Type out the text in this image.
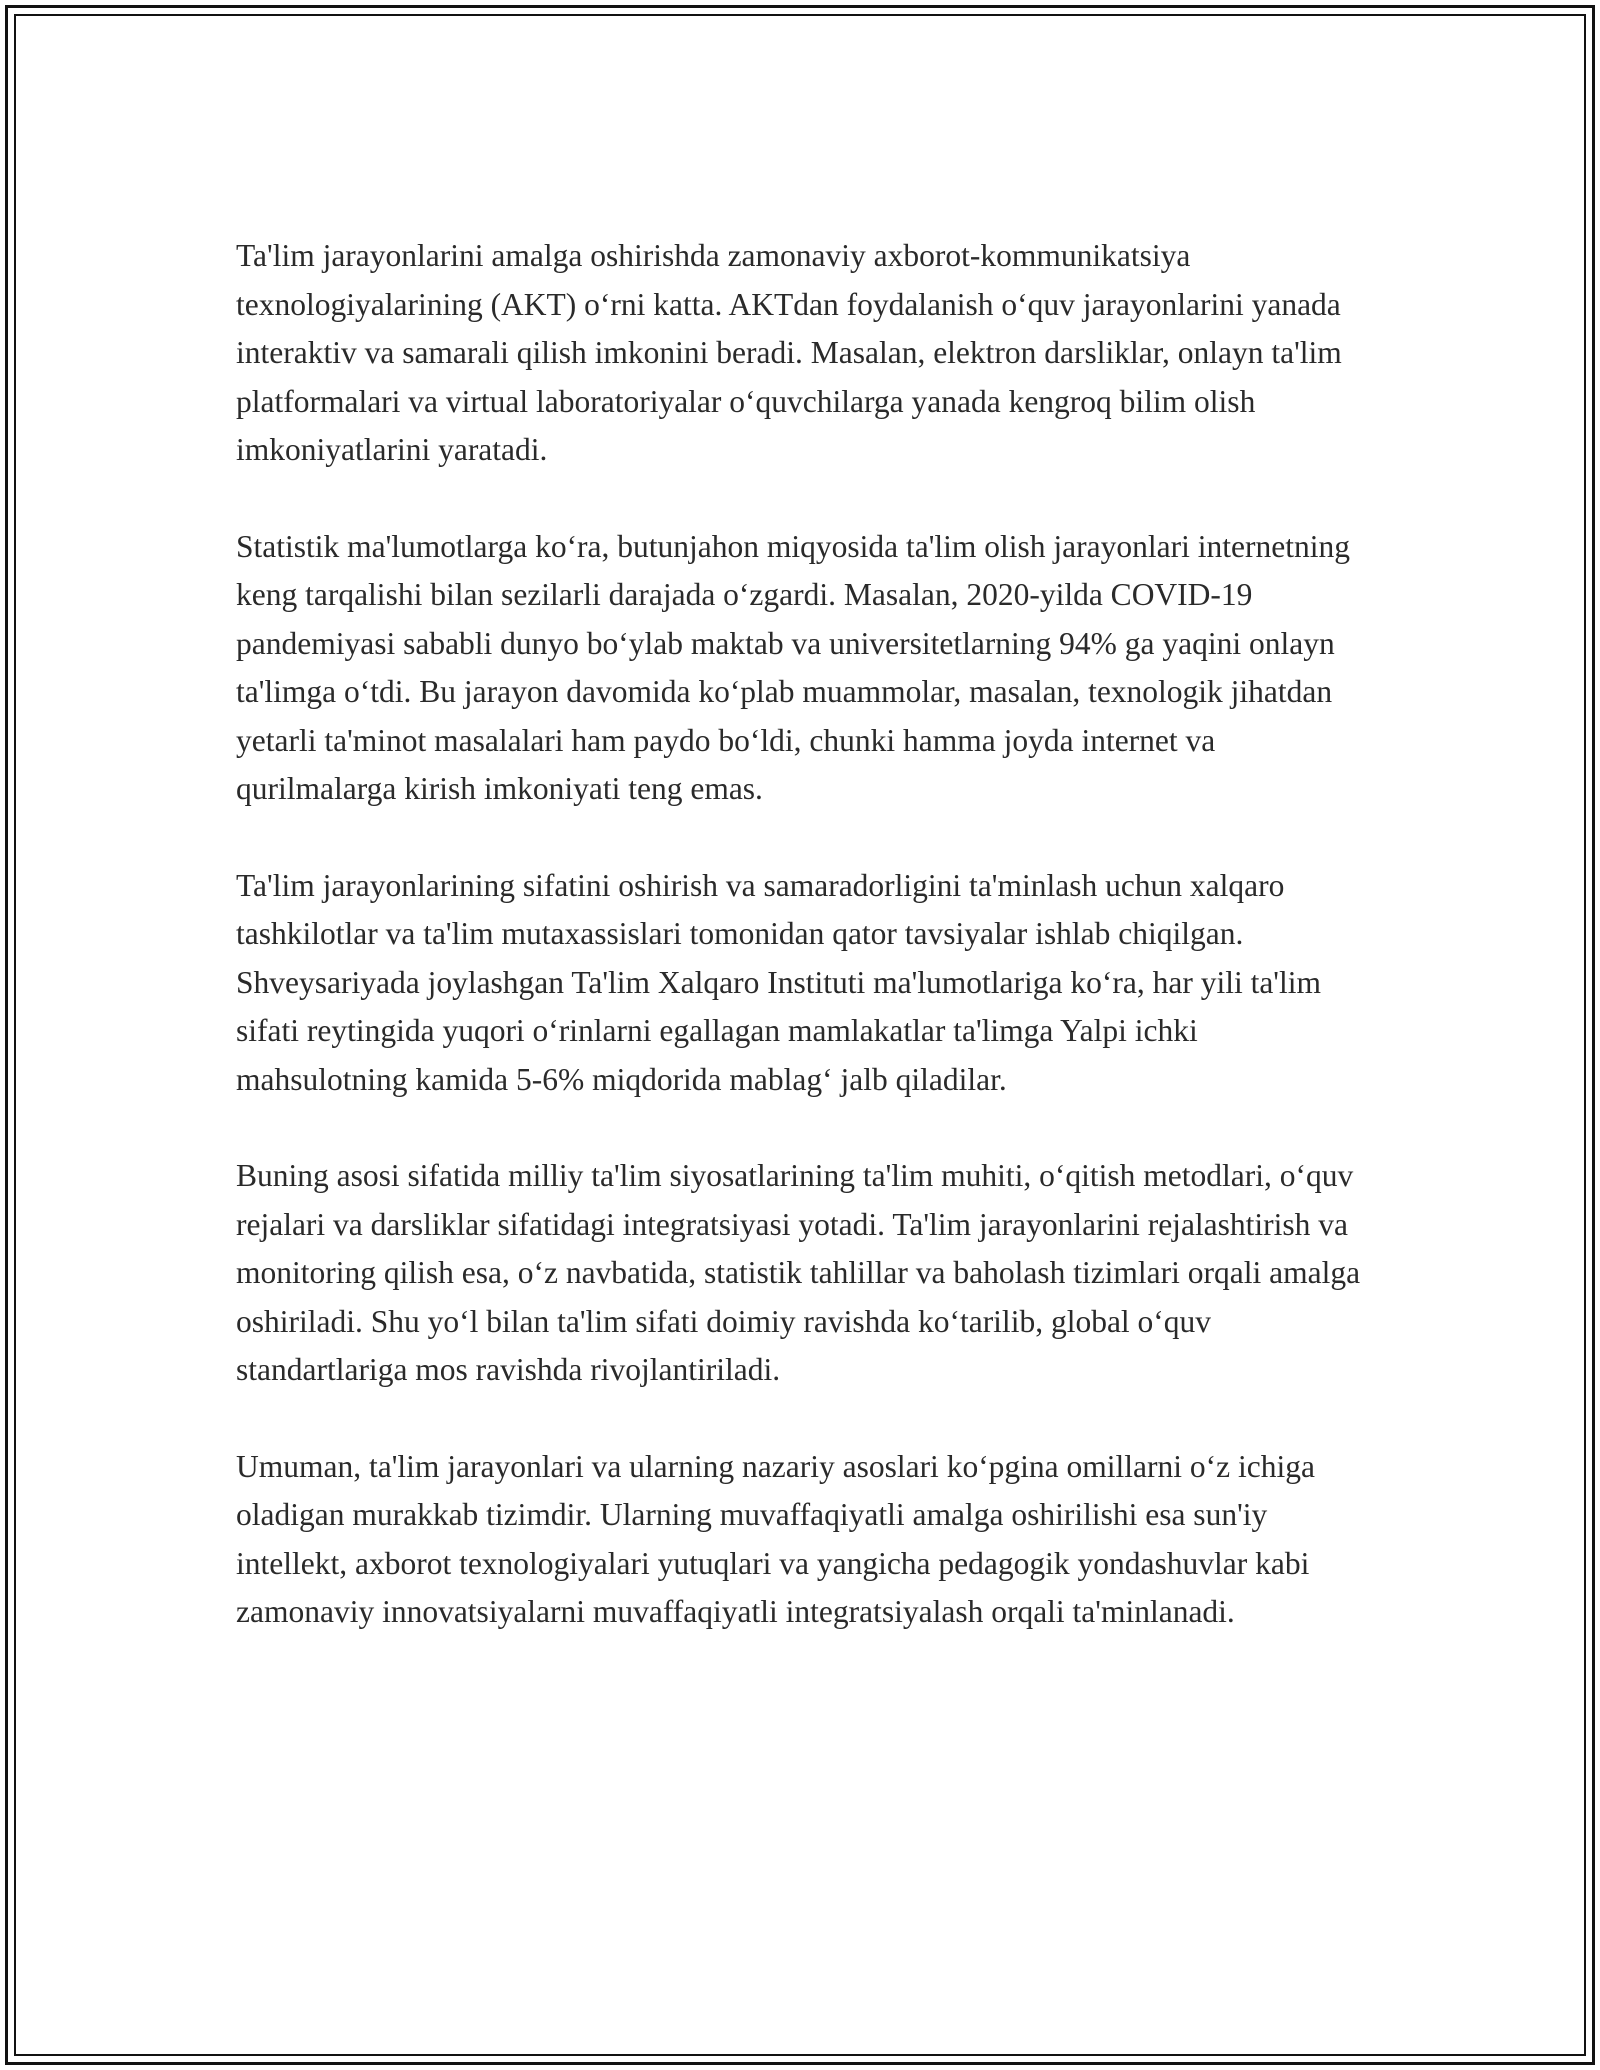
Ta'lim jarayonlarini amalga oshirishda zamonaviy axborot-kommunikatsiya texnologiyalarining (AKT) o‘rni katta. AKTdan foydalanish o‘quv jarayonlarini yanada interaktiv va samarali qilish imkonini beradi. Masalan, elektron darsliklar, onlayn ta'lim platformalari va virtual laboratoriyalar o‘quvchilarga yanada kengroq bilim olish imkoniyatlarini yaratadi.

Statistik ma'lumotlarga ko‘ra, butunjahon miqyosida ta'lim olish jarayonlari internetning keng tarqalishi bilan sezilarli darajada o‘zgardi. Masalan, 2020-yilda COVID-19 pandemiyasi sababli dunyo bo‘ylab maktab va universitetlarning 94% ga yaqini onlayn ta'limga o‘tdi. Bu jarayon davomida ko‘plab muammolar, masalan, texnologik jihatdan yetarli ta'minot masalalari ham paydo bo‘ldi, chunki hamma joyda internet va qurilmalarga kirish imkoniyati teng emas.

Ta'lim jarayonlarining sifatini oshirish va samaradorligini ta'minlash uchun xalqaro tashkilotlar va ta'lim mutaxassislari tomonidan qator tavsiyalar ishlab chiqilgan. Shveysariyada joylashgan Ta'lim Xalqaro Instituti ma'lumotlariga ko‘ra, har yili ta'lim sifati reytingida yuqori o‘rinlarni egallagan mamlakatlar ta'limga Yalpi ichki mahsulotning kamida 5-6% miqdorida mablag‘ jalb qiladilar.

Buning asosi sifatida milliy ta'lim siyosatlarining ta'lim muhiti, o‘qitish metodlari, o‘quv rejalari va darsliklar sifatidagi integratsiyasi yotadi. Ta'lim jarayonlarini rejalashtirish va monitoring qilish esa, o‘z navbatida, statistik tahlillar va baholash tizimlari orqali amalga oshiriladi. Shu yo‘l bilan ta'lim sifati doimiy ravishda ko‘tarilib, global o‘quv standartlariga mos ravishda rivojlantiriladi.

Umuman, ta'lim jarayonlari va ularning nazariy asoslari ko‘pgina omillarni o‘z ichiga oladigan murakkab tizimdir. Ularning muvaffaqiyatli amalga oshirilishi esa sun'iy intellekt, axborot texnologiyalari yutuqlari va yangicha pedagogik yondashuvlar kabi zamonaviy innovatsiyalarni muvaffaqiyatli integratsiyalash orqali ta'minlanadi.
